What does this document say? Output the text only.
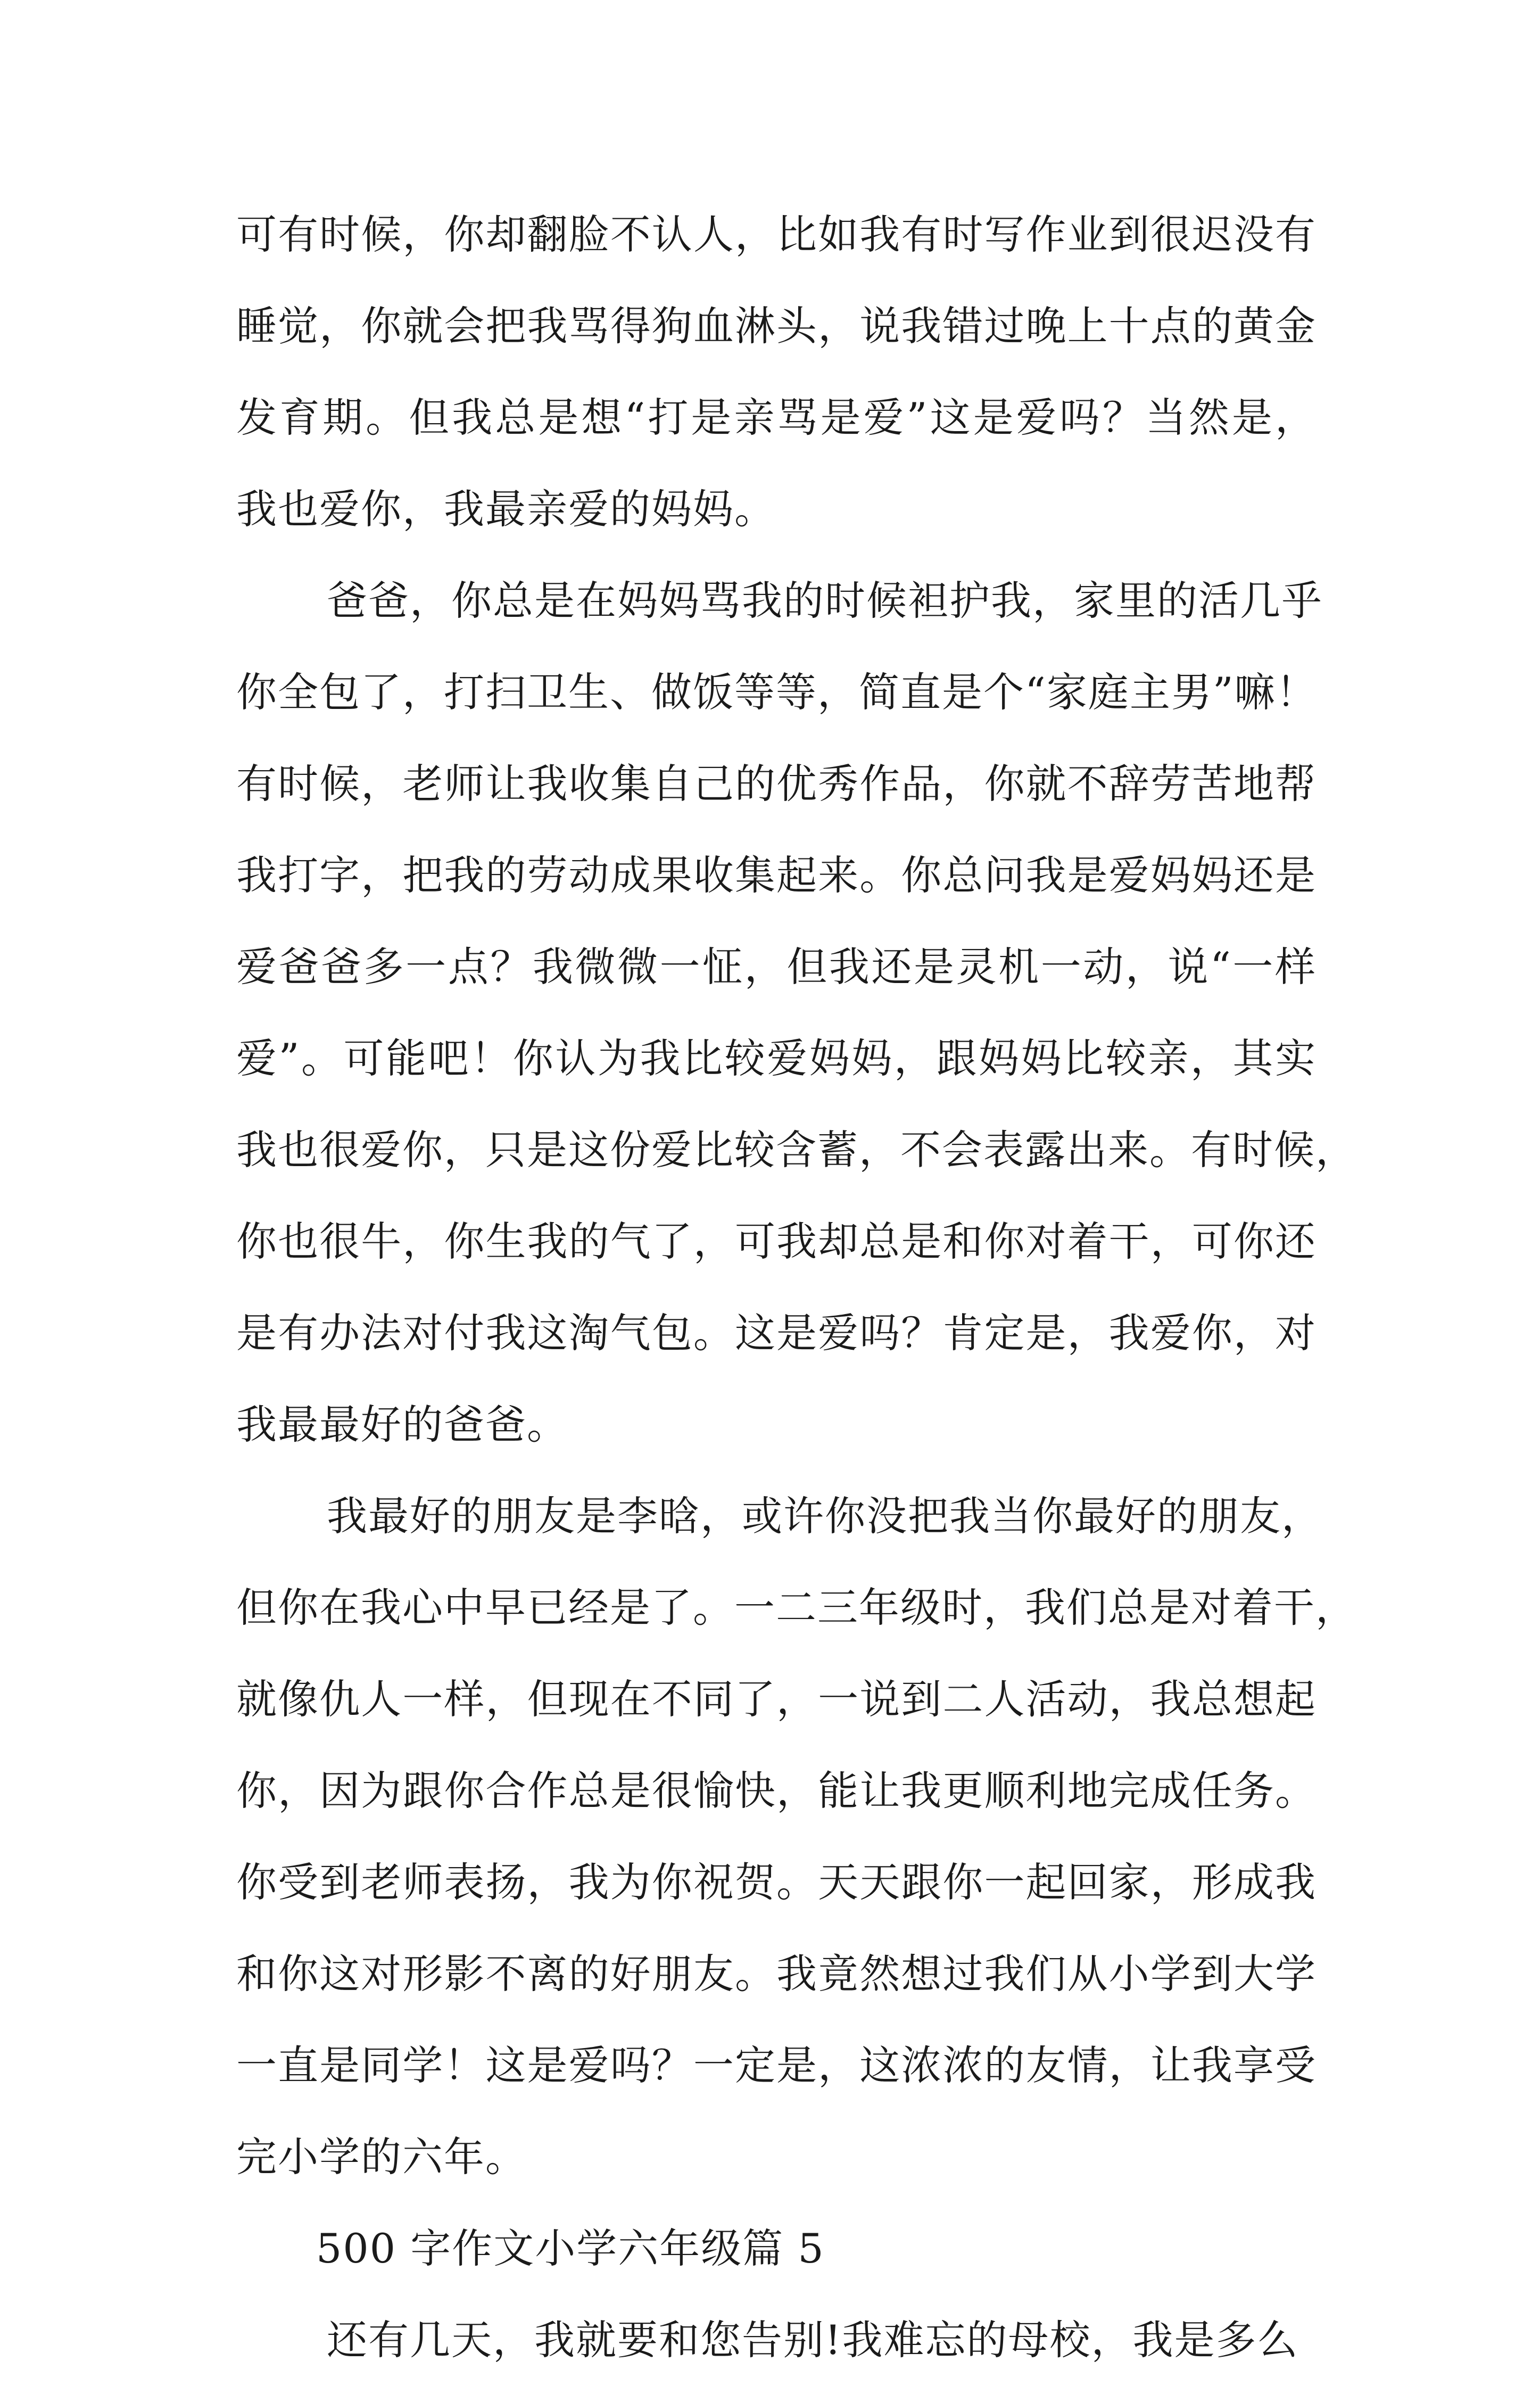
可有时候，你却翻脸不认人，比如我有时写作业到很迟没有
睡觉，你就会把我骂得狗血淋头，说我错过晚上十点的黄金
发育期。但我总是想“打是亲骂是爱”这是爱吗？当然是，
我也爱你，我最亲爱的妈妈。
爸爸，你总是在妈妈骂我的时候袒护我，家里的活几乎
你全包了，打扫卫生、做饭等等，简直是个“家庭主男”嘛！
有时候，老师让我收集自己的优秀作品，你就不辞劳苦地帮
我打字，把我的劳动成果收集起来。你总问我是爱妈妈还是
爱爸爸多一点？我微微一怔，但我还是灵机一动，说“一样
爱”。可能吧！你认为我比较爱妈妈，跟妈妈比较亲，其实
我也很爱你，只是这份爱比较含蓄，不会表露出来。有时候，
你也很牛，你生我的气了，可我却总是和你对着干，可你还
是有办法对付我这淘气包。这是爱吗？肯定是，我爱你，对
我最最好的爸爸。
我最好的朋友是李晗，或许你没把我当你最好的朋友，
但你在我心中早已经是了。一二三年级时，我们总是对着干，
就像仇人一样，但现在不同了，一说到二人活动，我总想起
你，因为跟你合作总是很愉快，能让我更顺利地完成任务。
你受到老师表扬，我为你祝贺。天天跟你一起回家，形成我
和你这对形影不离的好朋友。我竟然想过我们从小学到大学
一直是同学！这是爱吗？一定是，这浓浓的友情，让我享受
完小学的六年。
500 字作文小学六年级篇 5
还有几天，我就要和您告别!我难忘的母校，我是多么
